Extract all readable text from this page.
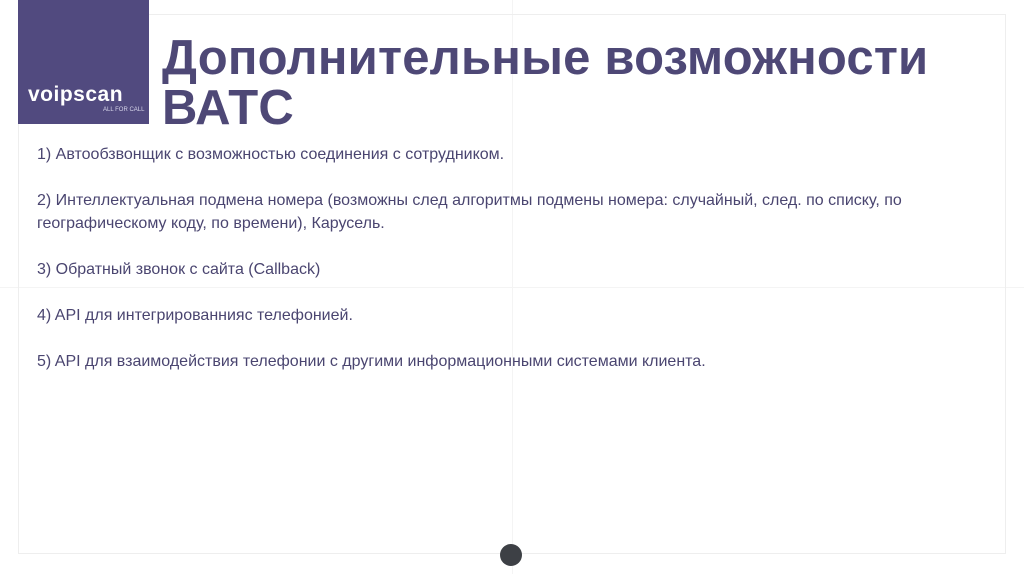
voipscan
ALL FOR CALL
Дополнительные возможности ВАТС

1) Автообзвонщик с возможностью соединения с сотрудником.

2) Интеллектуальная подмена номера (возможны след алгоритмы подмены номера: случайный, след. по списку, по географическому коду, по времени), Карусель.

3) Обратный звонок с сайта (Callback)

4) API для интегрированнияс телефонией.

5) API для взаимодействия телефонии с другими информационными системами клиента.
